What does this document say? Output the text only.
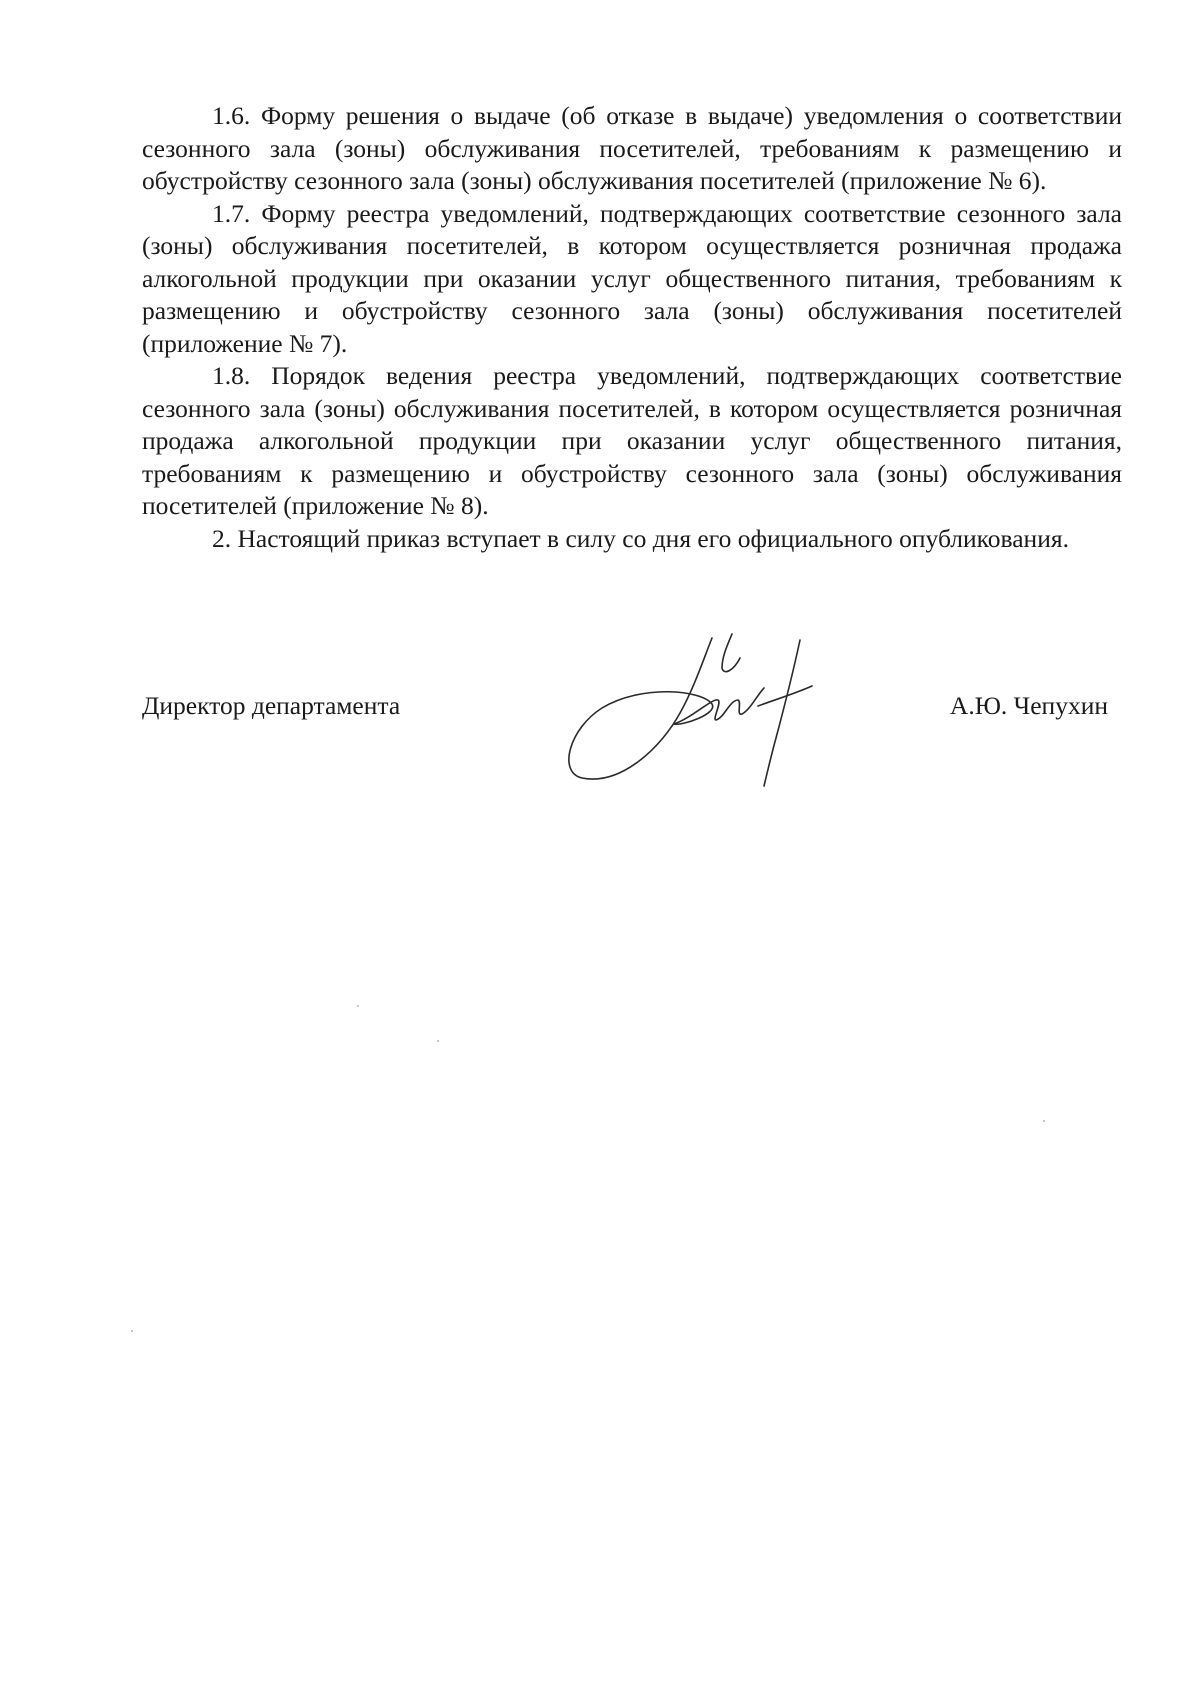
1.6. Форму решения о выдаче (об отказе в выдаче) уведомления о соответствии сезонного зала (зоны) обслуживания посетителей, требованиям к размещению и обустройству сезонного зала (зоны) обслуживания посетителей (приложение № 6).

1.7. Форму реестра уведомлений, подтверждающих соответствие сезонного зала (зоны) обслуживания посетителей, в котором осуществляется розничная продажа алкогольной продукции при оказании услуг общественного питания, требованиям к размещению и обустройству сезонного зала (зоны) обслуживания посетителей (приложение № 7).

1.8. Порядок ведения реестра уведомлений, подтверждающих соответствие сезонного зала (зоны) обслуживания посетителей, в котором осуществляется розничная продажа алкогольной продукции при оказании услуг общественного питания, требованиям к размещению и обустройству сезонного зала (зоны) обслуживания посетителей (приложение № 8).

2. Настоящий приказ вступает в силу со дня его официального опубликования.

Директор департамента	А.Ю. Чепухин
